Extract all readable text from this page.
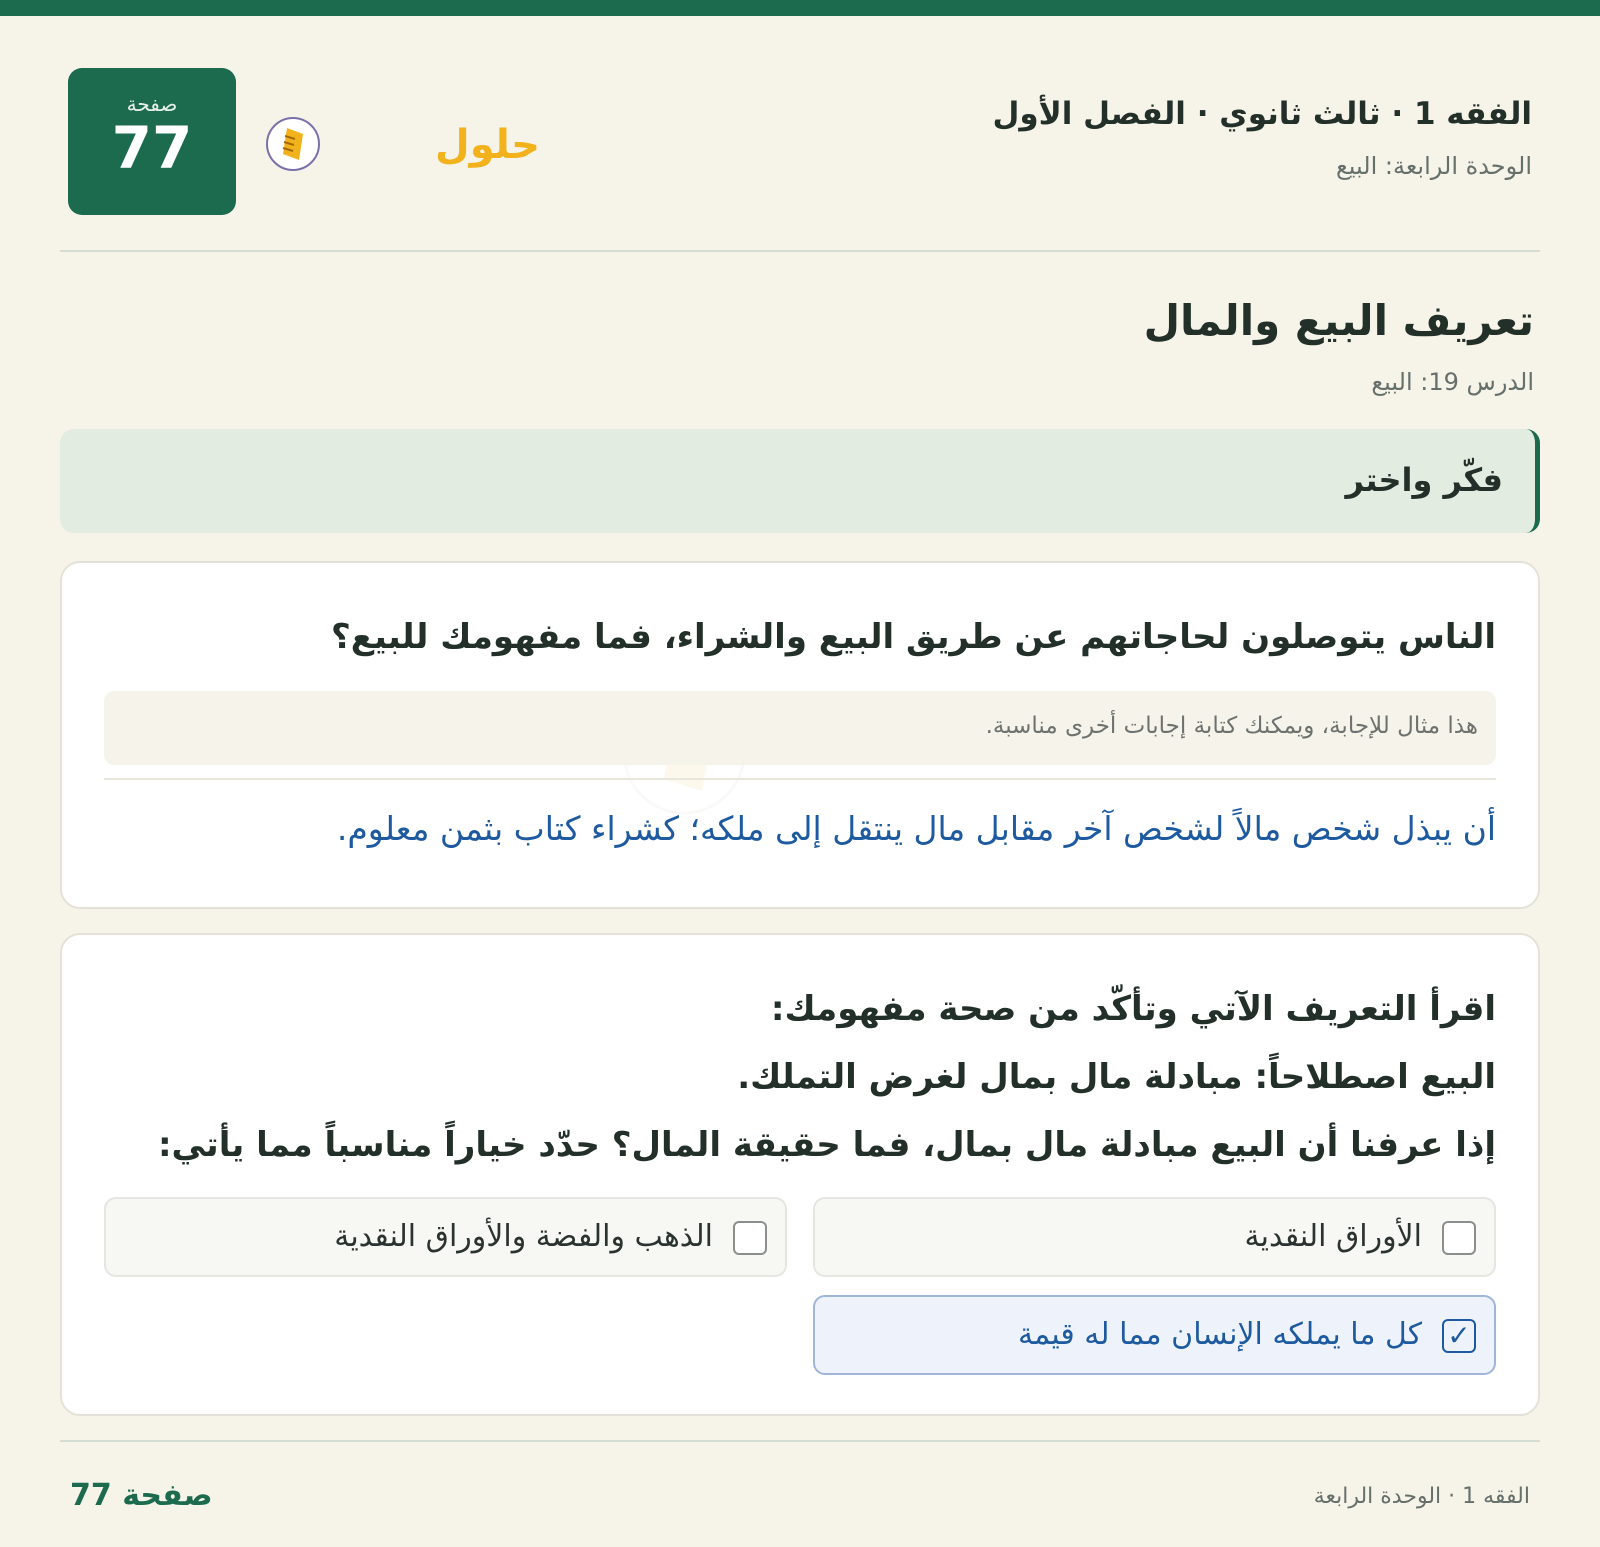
الفقه 1 · ثالث ثانوي · الفصل الأول
الوحدة الرابعة: البيع
حلول
صفحة
77
تعريف البيع والمال
الدرس 19: البيع
فكّر واختر
الناس يتوصلون لحاجاتهم عن طريق البيع والشراء، فما مفهومك للبيع؟
هذا مثال للإجابة، ويمكنك كتابة إجابات أخرى مناسبة.
أن يبذل شخص مالاً لشخص آخر مقابل مال ينتقل إلى ملكه؛ كشراء كتاب بثمن معلوم.
اقرأ التعريف الآتي وتأكّد من صحة مفهومك:
البيع اصطلاحاً: مبادلة مال بمال لغرض التملك.
إذا عرفنا أن البيع مبادلة مال بمال، فما حقيقة المال؟ حدّد خياراً مناسباً مما يأتي:
الأوراق النقدية
الذهب والفضة والأوراق النقدية
✓
كل ما يملكه الإنسان مما له قيمة
صفحة 77	الفقه 1 · الوحدة الرابعة
